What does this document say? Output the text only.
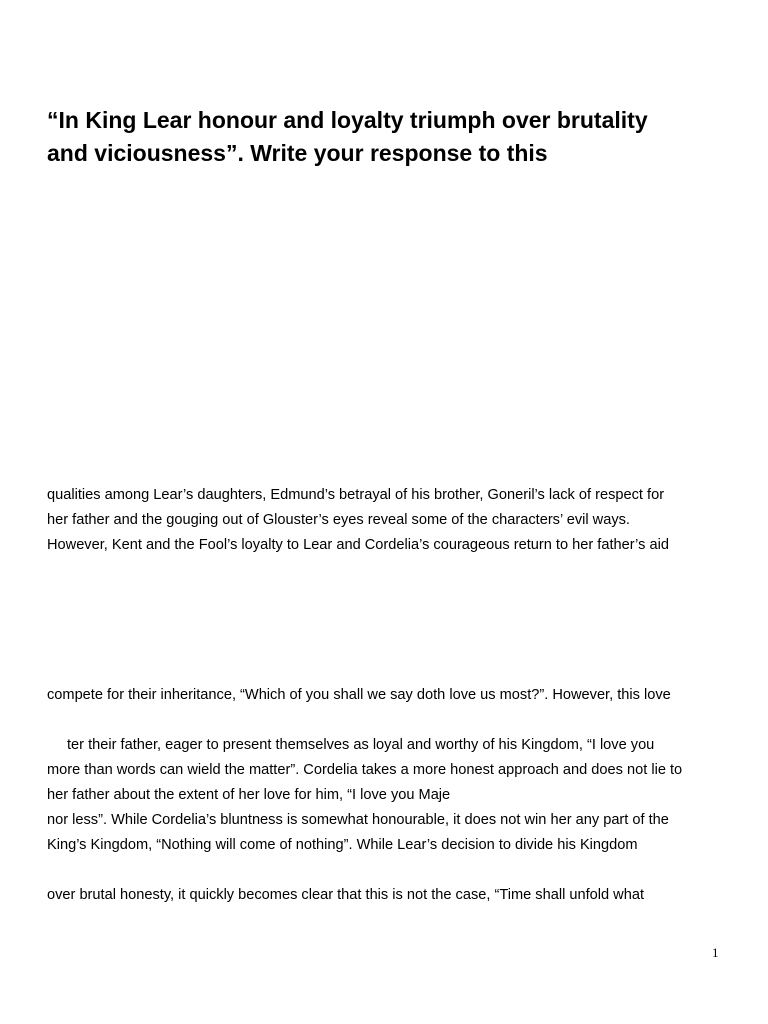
“In King Lear honour and loyalty triumph over brutality
and viciousness”. Write your response to this
qualities among Lear’s daughters, Edmund’s betrayal of his brother, Goneril’s lack of respect for
her father and the gouging out of Glouster’s eyes reveal some of the characters’ evil ways.
However, Kent and the Fool’s loyalty to Lear and Cordelia’s courageous return to her father’s aid
compete for their inheritance, “Which of you shall we say doth love us most?”. However, this love
ter their father, eager to present themselves as loyal and worthy of his Kingdom, “I love you
more than words can wield the matter”. Cordelia takes a more honest approach and does not lie to
her father about the extent of her love for him, “I love you Maje
nor less”. While Cordelia’s bluntness is somewhat honourable, it does not win her any part of the
King’s Kingdom, “Nothing will come of nothing”. While Lear’s decision to divide his Kingdom
over brutal honesty, it quickly becomes clear that this is not the case, “Time shall unfold what
1
